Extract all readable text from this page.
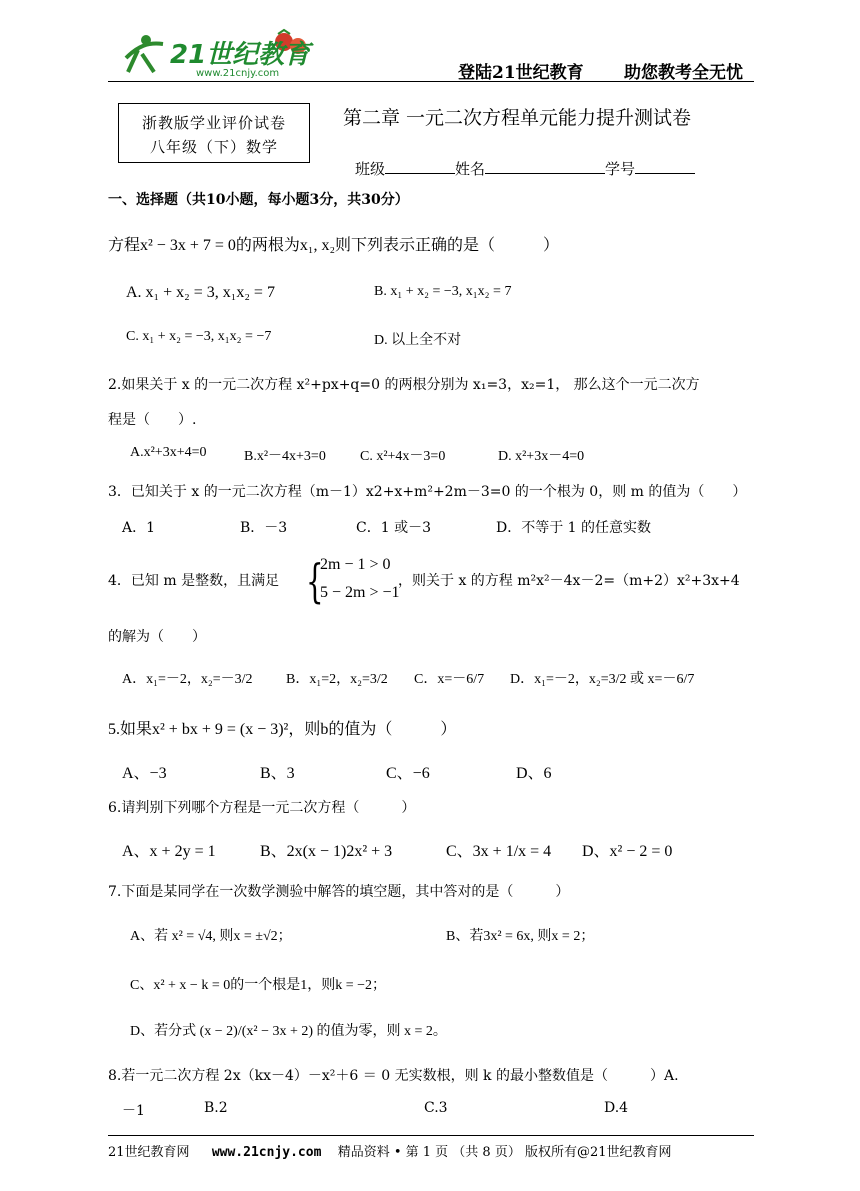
21世纪教育
www.21cnjy.com	登陆21世纪教育 助您教考全无忧
浙教版学业评价试卷
八年级（下）数学
第二章 一元二次方程单元能力提升测试卷
班级	姓名	学号
一、选择题（共10小题，每小题3分，共30分）
方程x² − 3x + 7 = 0的两根为x₁, x₂则下列表示正确的是（　　　）
A. x₁ + x₂ = 3, x₁x₂ = 7	B. x₁ + x₂ = −3, x₁x₂ = 7
C. x₁ + x₂ = −3, x₁x₂ = −7	D. 以上全不对
2.如果关于 x 的一元二次方程 x²+px+q=0 的两根分别为 x₁=3，x₂=1， 那么这个一元二次方
程是（　　）.
A.x²+3x+4=0	B.x²－4x+3=0 C. x²+4x－3=0	D. x²+3x－4=0
3．已知关于 x 的一元二次方程（m－1）x2+x+m²+2m－3=0 的一个根为 0，则 m 的值为（　　）
A．1	B．－3	C．1 或－3	D．不等于 1 的任意实数
4．已知 m 是整数，且满足 {
2m − 1 > 0
5 − 2m > −1
，则关于 x 的方程 m²x²－4x－2=（m+2）x²+3x+4
的解为（　　）
A．x₁=－2，x₂=－3/2 B．x₁=2，x₂=3/2 C．x=－6/7 D．x₁=－2，x₂=3/2 或 x=－6/7
5.如果x² + bx + 9 = (x − 3)²，则b的值为（　　　）
A、−3	B、3	C、−6	D、6
6.请判别下列哪个方程是一元二次方程（　　　）
A、x + 2y = 1	B、2x(x − 1)2x² + 3	C、3x + 1/x = 4 D、x² − 2 = 0
7.下面是某同学在一次数学测验中解答的填空题，其中答对的是（　　　）
A、若 x² = √4, 则x = ±√2；	B、若3x² = 6x, 则x = 2；
C、x² + x − k = 0的一个根是1，则k = −2；
D、若分式 (x − 2)/(x² − 3x + 2) 的值为零，则 x = 2。
8.若一元二次方程 2x（kx－4）－x²＋6 ＝ 0 无实数根，则 k 的最小整数值是（　　　）A.
－1	B.2	C.3	D.4
21世纪教育网 www.21cnjy.com 精品资料 • 第 1 页 （共 8 页） 版权所有@21世纪教育网
